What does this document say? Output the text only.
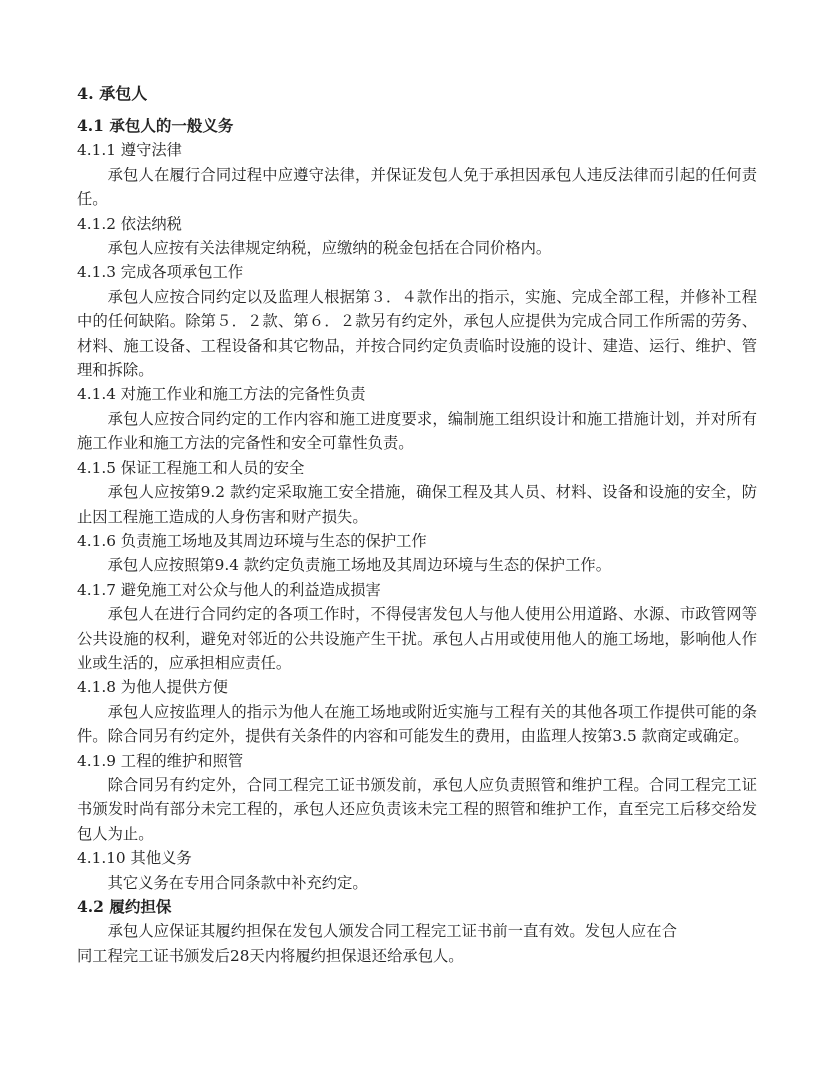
4. 承包人
4.1 承包人的一般义务
4.1.1 遵守法律
承包人在履行合同过程中应遵守法律，并保证发包人免于承担因承包人违反法律而引起的任何责任。
4.1.2 依法纳税
承包人应按有关法律规定纳税，应缴纳的税金包括在合同价格内。
4.1.3 完成各项承包工作
承包人应按合同约定以及监理人根据第３．４款作出的指示，实施、完成全部工程，并修补工程中的任何缺陷。除第５．２款、第６．２款另有约定外，承包人应提供为完成合同工作所需的劳务、材料、施工设备、工程设备和其它物品，并按合同约定负责临时设施的设计、建造、运行、维护、管理和拆除。
4.1.4 对施工作业和施工方法的完备性负责
承包人应按合同约定的工作内容和施工进度要求，编制施工组织设计和施工措施计划，并对所有施工作业和施工方法的完备性和安全可靠性负责。
4.1.5 保证工程施工和人员的安全
承包人应按第9.2 款约定采取施工安全措施，确保工程及其人员、材料、设备和设施的安全，防止因工程施工造成的人身伤害和财产损失。
4.1.6 负责施工场地及其周边环境与生态的保护工作
承包人应按照第9.4 款约定负责施工场地及其周边环境与生态的保护工作。
4.1.7 避免施工对公众与他人的利益造成损害
承包人在进行合同约定的各项工作时，不得侵害发包人与他人使用公用道路、水源、市政管网等公共设施的权利，避免对邻近的公共设施产生干扰。承包人占用或使用他人的施工场地，影响他人作业或生活的，应承担相应责任。
4.1.8 为他人提供方便
承包人应按监理人的指示为他人在施工场地或附近实施与工程有关的其他各项工作提供可能的条件。除合同另有约定外，提供有关条件的内容和可能发生的费用，由监理人按第3.5 款商定或确定。
4.1.9 工程的维护和照管
除合同另有约定外，合同工程完工证书颁发前，承包人应负责照管和维护工程。合同工程完工证书颁发时尚有部分未完工程的，承包人还应负责该未完工程的照管和维护工作，直至完工后移交给发包人为止。
4.1.10 其他义务
其它义务在专用合同条款中补充约定。
4.2 履约担保
承包人应保证其履约担保在发包人颁发合同工程完工证书前一直有效。发包人应在合同工程完工证书颁发后28天内将履约担保退还给承包人。
